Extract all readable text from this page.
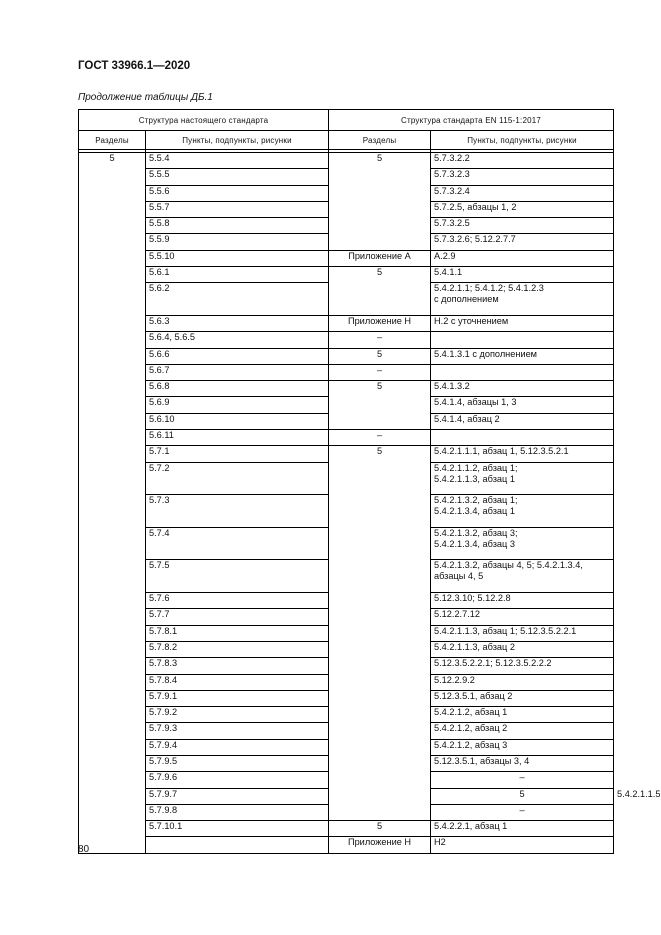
ГОСТ 33966.1—2020
Продолжение таблицы ДБ.1
Структура настоящего стандарта		Структура стандарта EN 115-1:2017		
Разделы	Пункты, подпункты, рисунки	Разделы	Пункты, подпункты, рисунки	

5	5.5.4	5	5.7.3.2.2	
	5.5.5		5.7.3.2.3	
	5.5.6		5.7.3.2.4	
	5.5.7		5.7.2.5, абзацы 1, 2	
	5.5.8		5.7.3.2.5	
	5.5.9		5.7.3.2.6; 5.12.2.7.7	
	5.5.10	Приложение А	А.2.9	
	5.6.1	5	5.4.1.1	
	5.6.2		5.4.2.1.1; 5.4.1.2; 5.4.1.2.3
с дополнением	
	5.6.3	Приложение Н	Н.2 с уточнением	
	5.6.4, 5.6.5	–		
	5.6.6	5	5.4.1.3.1 с дополнением	
	5.6.7	–		
	5.6.8	5	5.4.1.3.2	
	5.6.9		5.4.1.4, абзацы 1, 3	
	5.6.10		5.4.1.4, абзац 2	
	5.6.11	–		
	5.7.1	5	5.4.2.1.1.1, абзац 1, 5.12.3.5.2.1	
	5.7.2		5.4.2.1.1.2, абзац 1;
5.4.2.1.1.3, абзац 1	
	5.7.3		5.4.2.1.3.2, абзац 1;
5.4.2.1.3.4, абзац 1	
	5.7.4		5.4.2.1.3.2, абзац 3;
5.4.2.1.3.4, абзац 3	
	5.7.5		5.4.2.1.3.2, абзацы 4, 5; 5.4.2.1.3.4,
абзацы 4, 5	
	5.7.6		5.12.3.10; 5.12.2.8	
	5.7.7		5.12.2.7.12	
	5.7.8.1		5.4.2.1.1.3, абзац 1; 5.12.3.5.2.2.1	
	5.7.8.2		5.4.2.1.1.3, абзац 2	
	5.7.8.3		5.12.3.5.2.2.1; 5.12.3.5.2.2.2	
	5.7.8.4		5.12.2.9.2	
	5.7.9.1		5.12.3.5.1, абзац 2	
	5.7.9.2		5.4.2.1.2, абзац 1	
	5.7.9.3		5.4.2.1.2, абзац 2	
	5.7.9.4		5.4.2.1.2, абзац 3	
	5.7.9.5		5.12.3.5.1, абзацы 3, 4	
	5.7.9.6		–	
	5.7.9.7		5	5.4.2.1.1.5
	5.7.9.8		–	
	5.7.10.1	5	5.4.2.2.1, абзац 1	
		Приложение Н	Н2	
80
